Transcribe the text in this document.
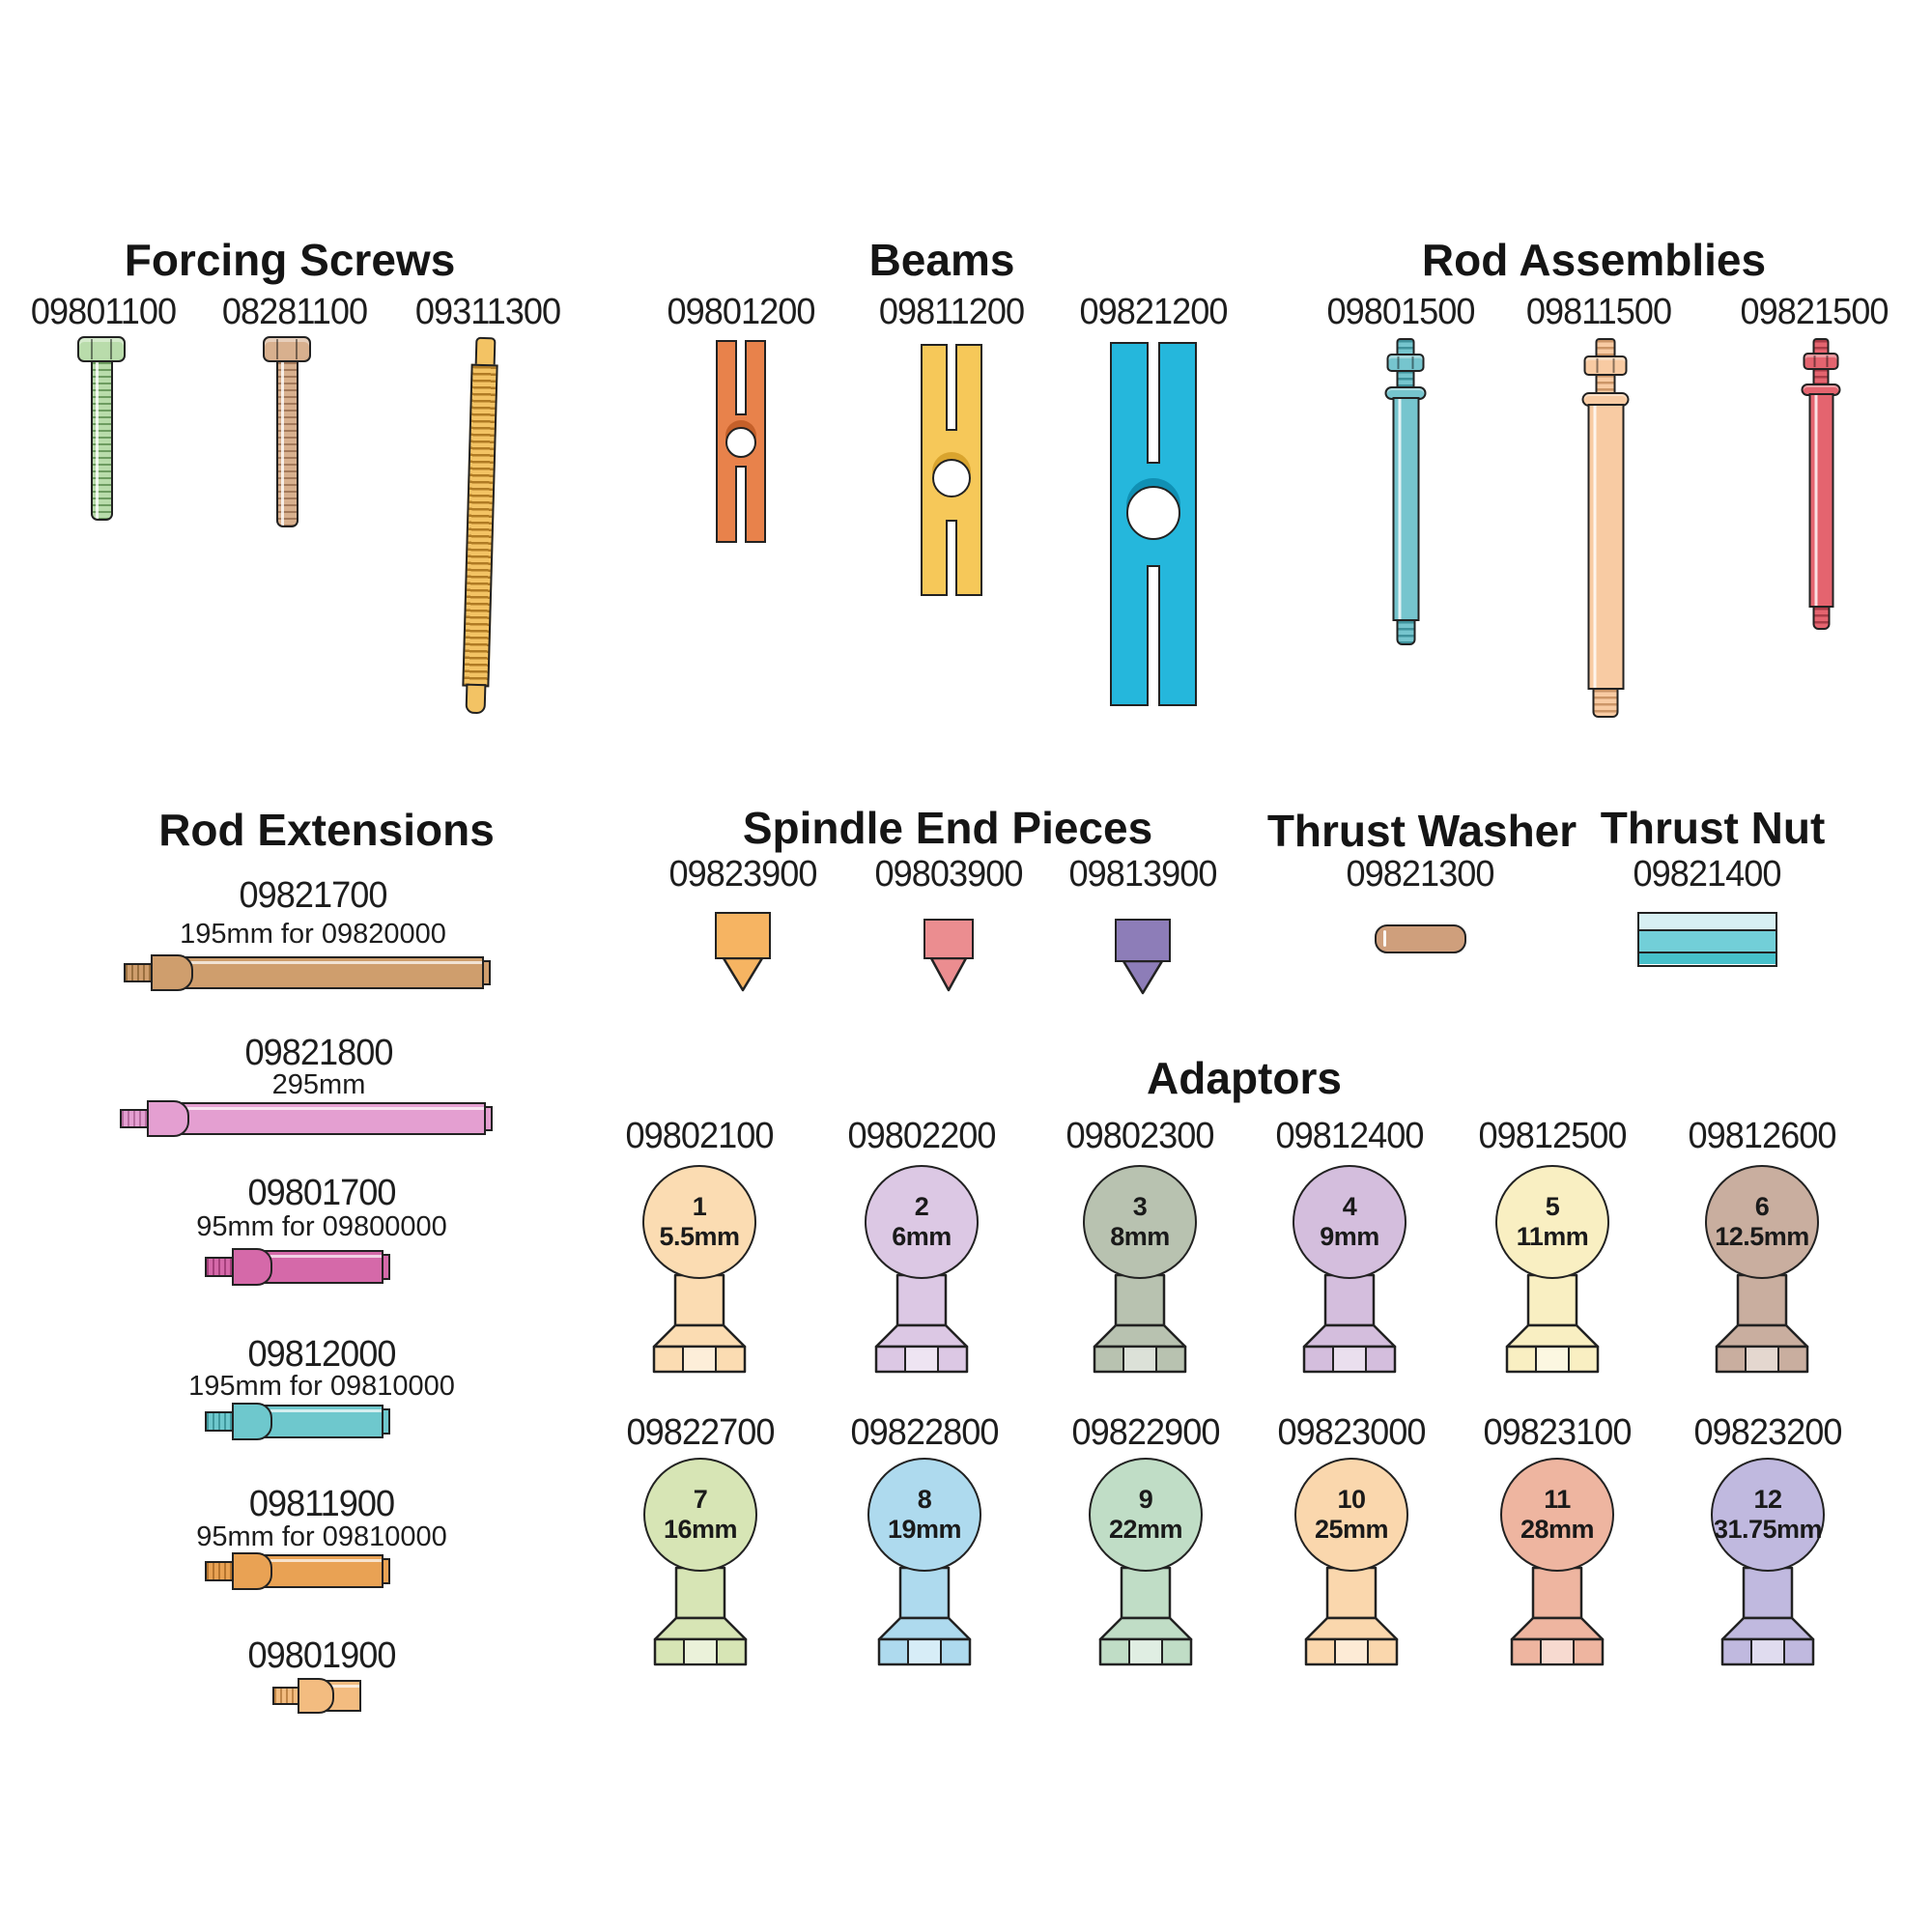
Forcing Screws	Beams	Rod Assemblies
Rod Extensions	Spindle End Pieces	Thrust Washer Thrust Nut
Adaptors
09801100 08281100 09311300	09801200 09811200 09821200	09801500 09811500 09821500
09821700
195mm for 09820000
09821800
295mm
09801700
95mm for 09800000
09812000
195mm for 09810000
09811900
95mm for 09810000
09801900
09823900 09803900 09813900	09821300	09821400
09802100 09802200 09802300 09812400 09812500 09812600
1
5.5mm
2
6mm
3
8mm
4
9mm
5
11mm
6
12.5mm
09822700 09822800 09822900 09823000 09823100 09823200
7
16mm
8
19mm
9
22mm
10
25mm
11
28mm
12
31.75mm
